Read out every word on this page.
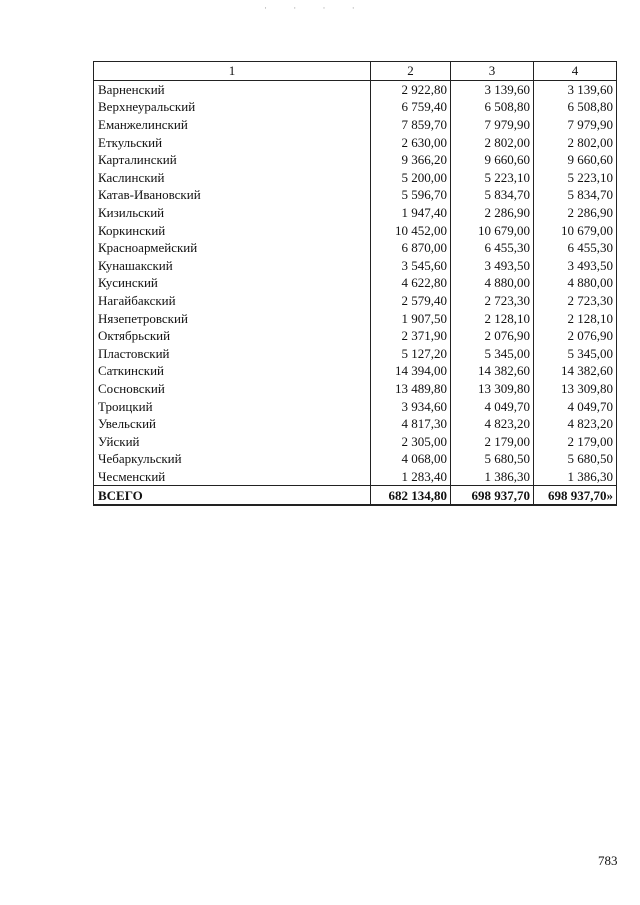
· · · ·
1	2	3	4
Варненский	2 922,80	3 139,60	3 139,60
Верхнеуральский	6 759,40	6 508,80	6 508,80
Еманжелинский	7 859,70	7 979,90	7 979,90
Еткульский	2 630,00	2 802,00	2 802,00
Карталинский	9 366,20	9 660,60	9 660,60
Каслинский	5 200,00	5 223,10	5 223,10
Катав-Ивановский	5 596,70	5 834,70	5 834,70
Кизильский	1 947,40	2 286,90	2 286,90
Коркинский	10 452,00	10 679,00	10 679,00
Красноармейский	6 870,00	6 455,30	6 455,30
Кунашакский	3 545,60	3 493,50	3 493,50
Кусинский	4 622,80	4 880,00	4 880,00
Нагайбакский	2 579,40	2 723,30	2 723,30
Нязепетровский	1 907,50	2 128,10	2 128,10
Октябрьский	2 371,90	2 076,90	2 076,90
Пластовский	5 127,20	5 345,00	5 345,00
Саткинский	14 394,00	14 382,60	14 382,60
Сосновский	13 489,80	13 309,80	13 309,80
Троицкий	3 934,60	4 049,70	4 049,70
Увельский	4 817,30	4 823,20	4 823,20
Уйский	2 305,00	2 179,00	2 179,00
Чебаркульский	4 068,00	5 680,50	5 680,50
Чесменский	1 283,40	1 386,30	1 386,30
ВСЕГО	682 134,80	698 937,70	698 937,70»
783
